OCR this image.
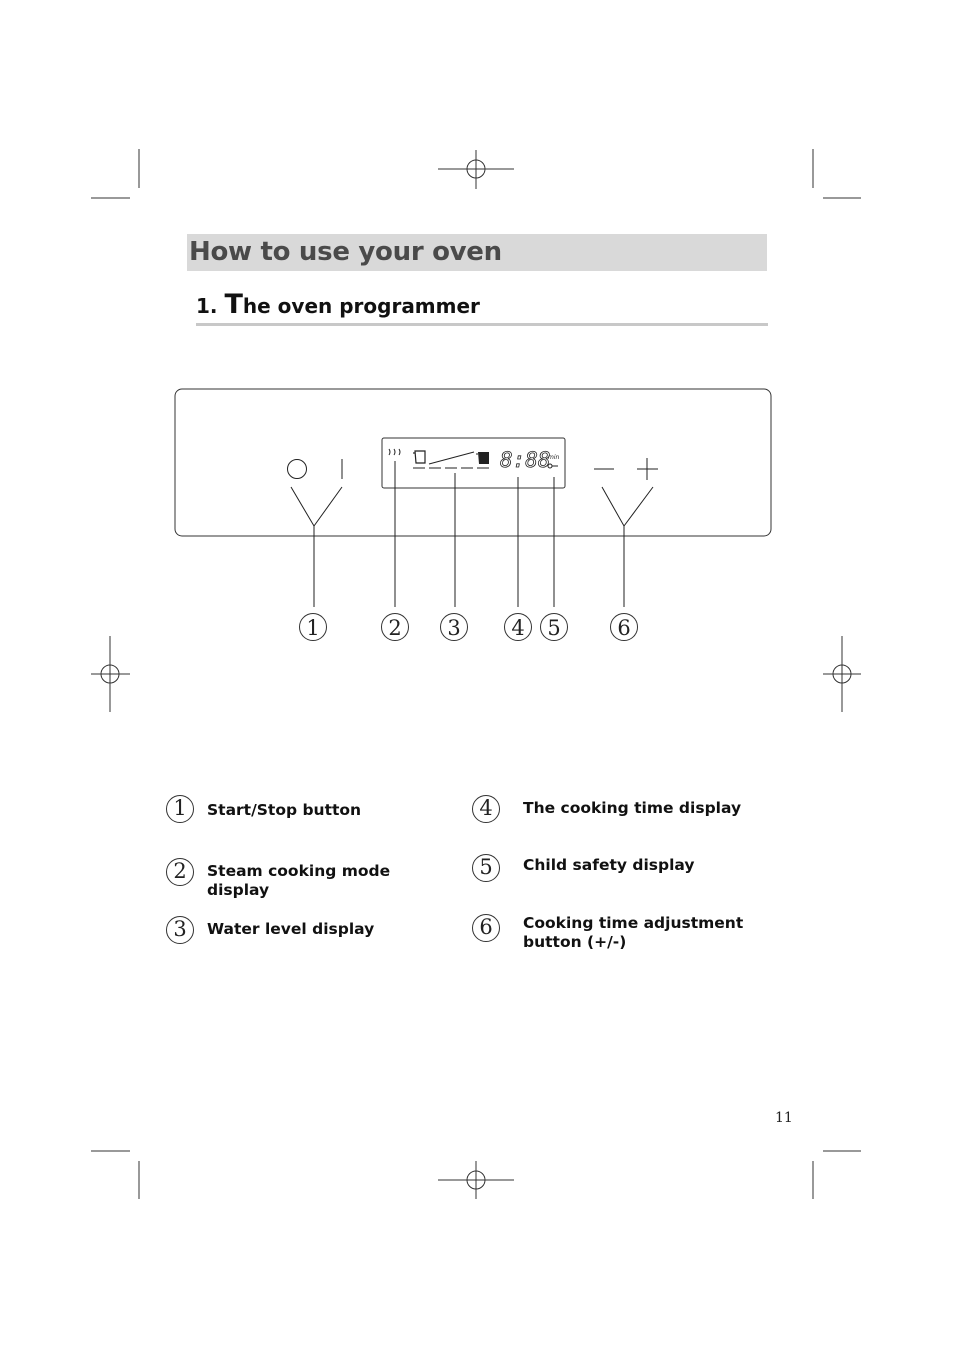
How to use your oven
1. The oven programmer
8:88
min
1	2 3 4 5	6
1	Start/Stop button
2	Steam cooking mode display
3	Water level display
4	The cooking time display
5	Child safety display
6	Cooking time adjustment button (+/-)
11
